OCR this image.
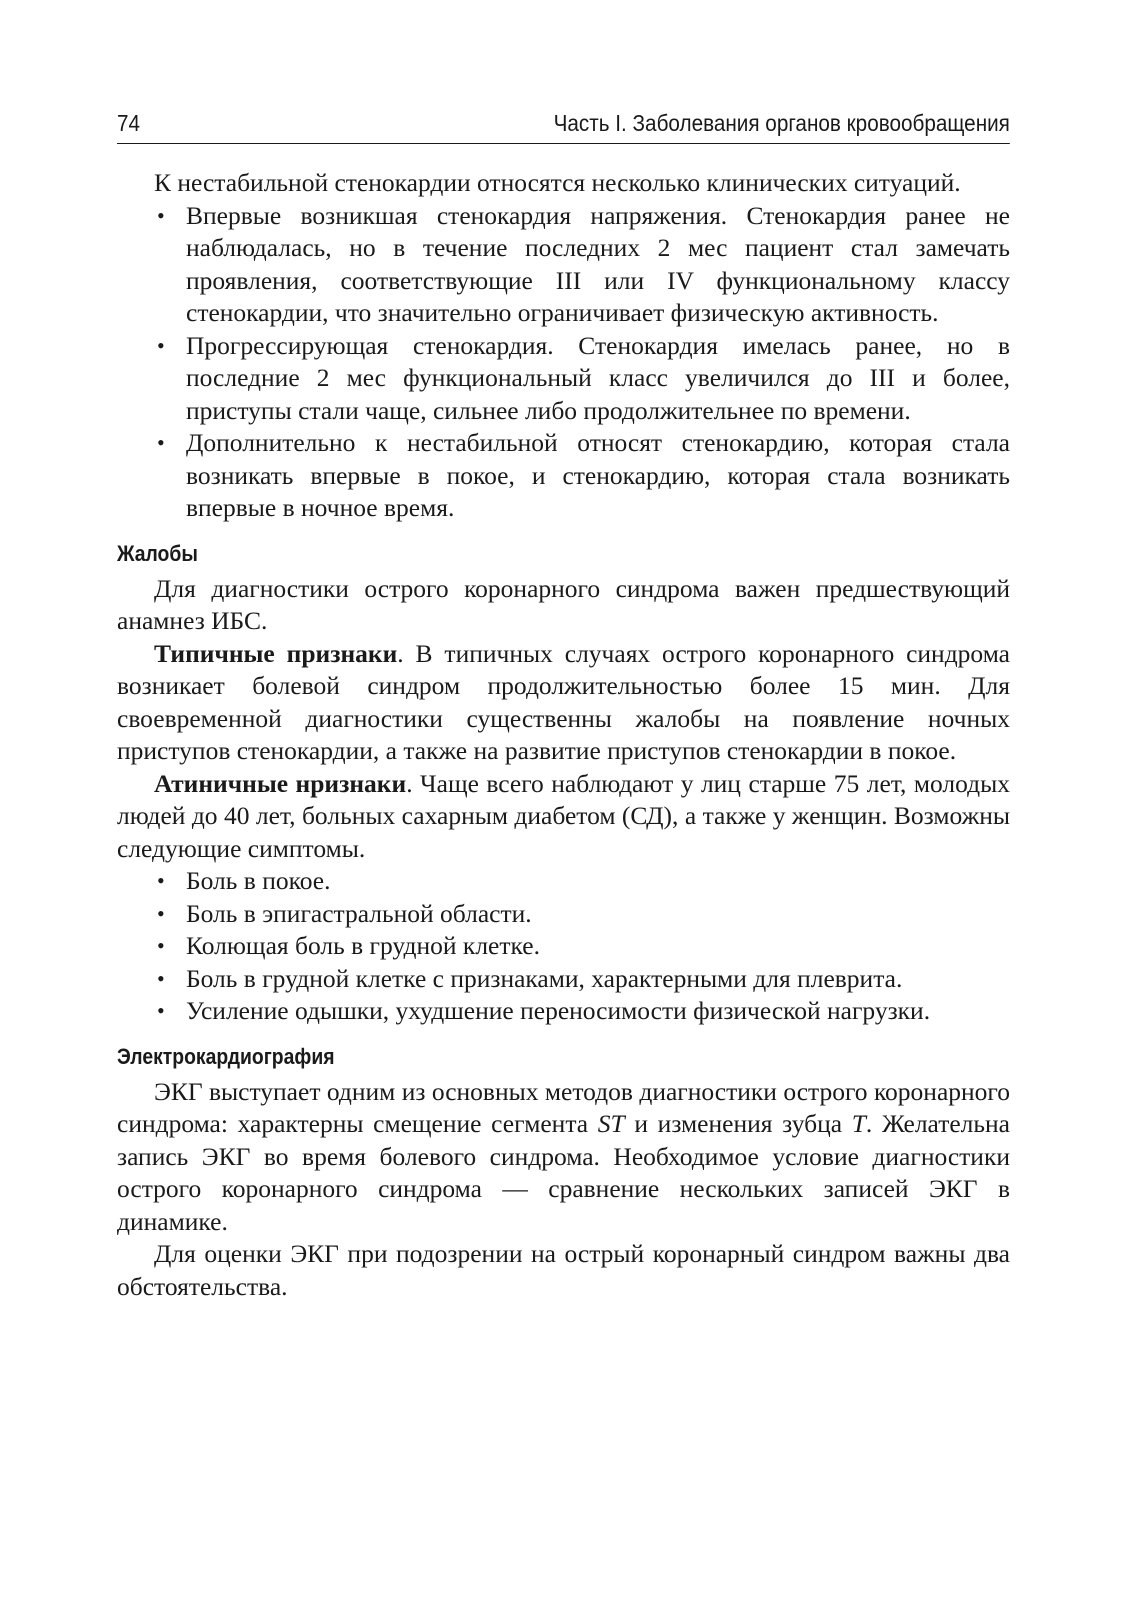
74	Часть I. Заболевания органов кровообращения

К нестабильной стенокардии относятся несколько клинических ситуаций.

• Впервые возникшая стенокардия напряжения. Стенокардия ранее не наблюдалась, но в течение последних 2 мес пациент стал замечать проявления, соответствующие III или IV функциональному классу стенокардии, что значительно ограничивает физическую активность.
• Прогрессирующая стенокардия. Стенокардия имелась ранее, но в последние 2 мес функциональный класс увеличился до III и более, приступы стали чаще, сильнее либо продолжительнее по времени.
• Дополнительно к нестабильной относят стенокардию, которая стала возникать впервые в покое, и стенокардию, которая стала возникать впервые в ночное время.
Жалобы

Для диагностики острого коронарного синдрома важен предшествующий анамнез ИБС.

Типичные признаки. В типичных случаях острого коронарного синдрома возникает болевой синдром продолжительностью более 15 мин. Для своевременной диагностики существенны жалобы на появление ночных приступов стенокардии, а также на развитие приступов стенокардии в покое.

Атиничные нризнаки. Чаще всего наблюдают у лиц старше 75 лет, молодых людей до 40 лет, больных сахарным диабетом (СД), а также у женщин. Возможны следующие симптомы.

• Боль в покое.
• Боль в эпигастральной области.
• Колющая боль в грудной клетке.
• Боль в грудной клетке с признаками, характерными для плеврита.
• Усиление одышки, ухудшение переносимости физической нагрузки.
Электрокардиография

ЭКГ выступает одним из основных методов диагностики острого коронарного синдрома: характерны смещение сегмента ST и изменения зубца T. Желательна запись ЭКГ во время болевого синдрома. Необходимое условие диагностики острого коронарного синдрома — сравнение нескольких записей ЭКГ в динамике.

Для оценки ЭКГ при подозрении на острый коронарный синдром важны два обстоятельства.
